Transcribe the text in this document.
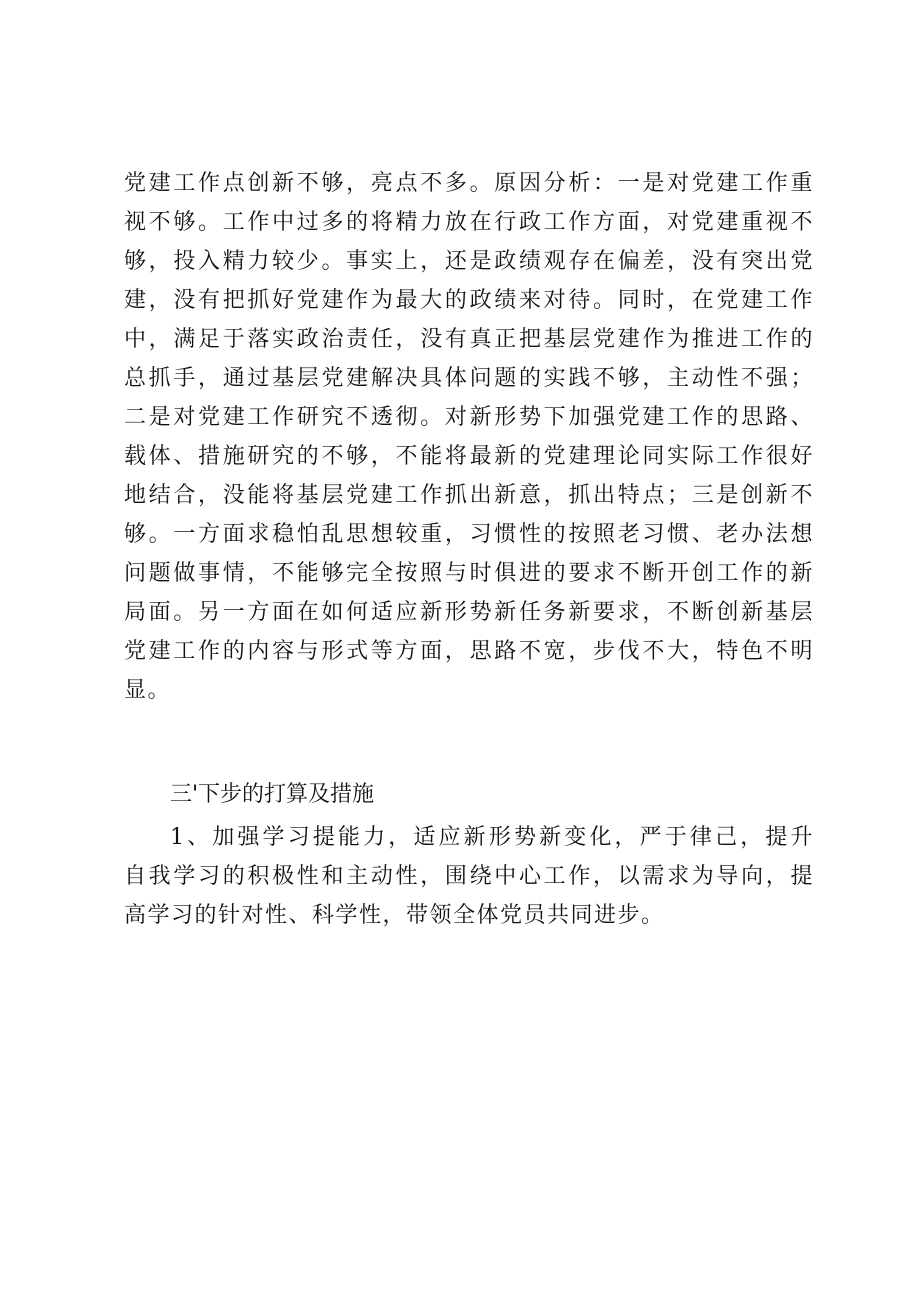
党建工作点创新不够，亮点不多。原因分析：一是对党建工作重
视不够。工作中过多的将精力放在行政工作方面，对党建重视不
够，投入精力较少。事实上，还是政绩观存在偏差，没有突出党
建，没有把抓好党建作为最大的政绩来对待。同时，在党建工作
中，满足于落实政治责任，没有真正把基层党建作为推进工作的
总抓手，通过基层党建解决具体问题的实践不够，主动性不强；
二是对党建工作研究不透彻。对新形势下加强党建工作的思路、
载体、措施研究的不够，不能将最新的党建理论同实际工作很好
地结合，没能将基层党建工作抓出新意，抓出特点；三是创新不
够。一方面求稳怕乱思想较重，习惯性的按照老习惯、老办法想
问题做事情，不能够完全按照与时俱进的要求不断开创工作的新
局面。另一方面在如何适应新形势新任务新要求，不断创新基层
党建工作的内容与形式等方面，思路不宽，步伐不大，特色不明
显。
三'下步的打算及措施
1、加强学习提能力，适应新形势新变化，严于律己，提升
自我学习的积极性和主动性，围绕中心工作，以需求为导向，提
高学习的针对性、科学性，带领全体党员共同进步。
